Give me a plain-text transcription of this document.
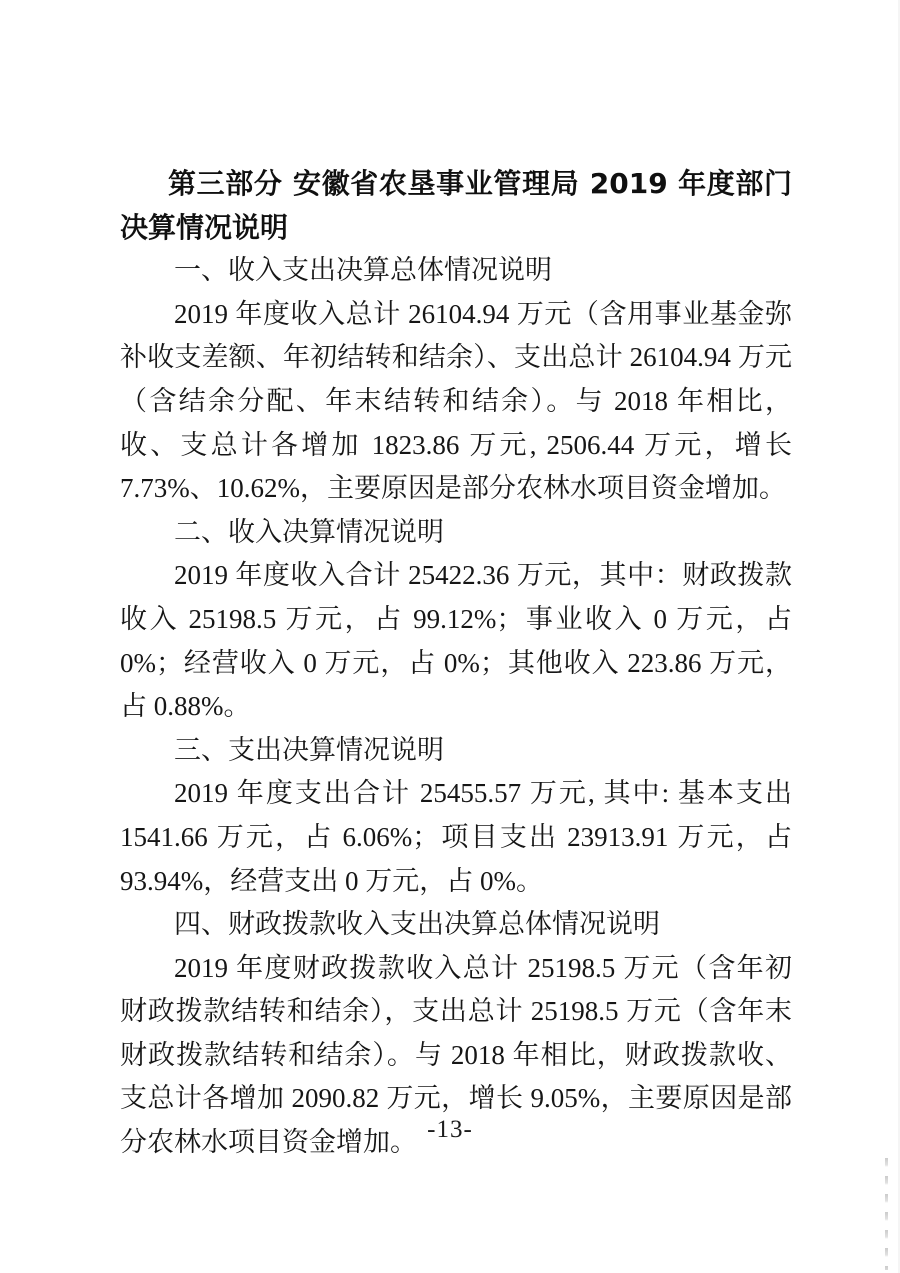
第三部分 安徽省农垦事业管理局 2019 年度部门决算情况说明
一、收入支出决算总体情况说明

2019 年度收入总计 26104.94 万元（含用事业基金弥补收支差额、年初结转和结余）、支出总计 26104.94 万元（含结余分配、年末结转和结余）。与 2018 年相比，收、支总计各增加 1823.86 万元, 2506.44 万元，增长 7.73%、10.62%，主要原因是部分农林水项目资金增加。

二、收入决算情况说明

2019 年度收入合计 25422.36 万元，其中：财政拨款收入 25198.5 万元，占 99.12%；事业收入 0 万元，占 0%；经营收入 0 万元，占 0%；其他收入 223.86 万元，占 0.88%。

三、支出决算情况说明

2019 年度支出合计 25455.57 万元, 其中: 基本支出 1541.66 万元，占 6.06%；项目支出 23913.91 万元，占 93.94%，经营支出 0 万元，占 0%。

四、财政拨款收入支出决算总体情况说明

2019 年度财政拨款收入总计 25198.5 万元（含年初财政拨款结转和结余），支出总计 25198.5 万元（含年末财政拨款结转和结余）。与 2018 年相比，财政拨款收、支总计各增加 2090.82 万元，增长 9.05%，主要原因是部分农林水项目资金增加。 -13-
